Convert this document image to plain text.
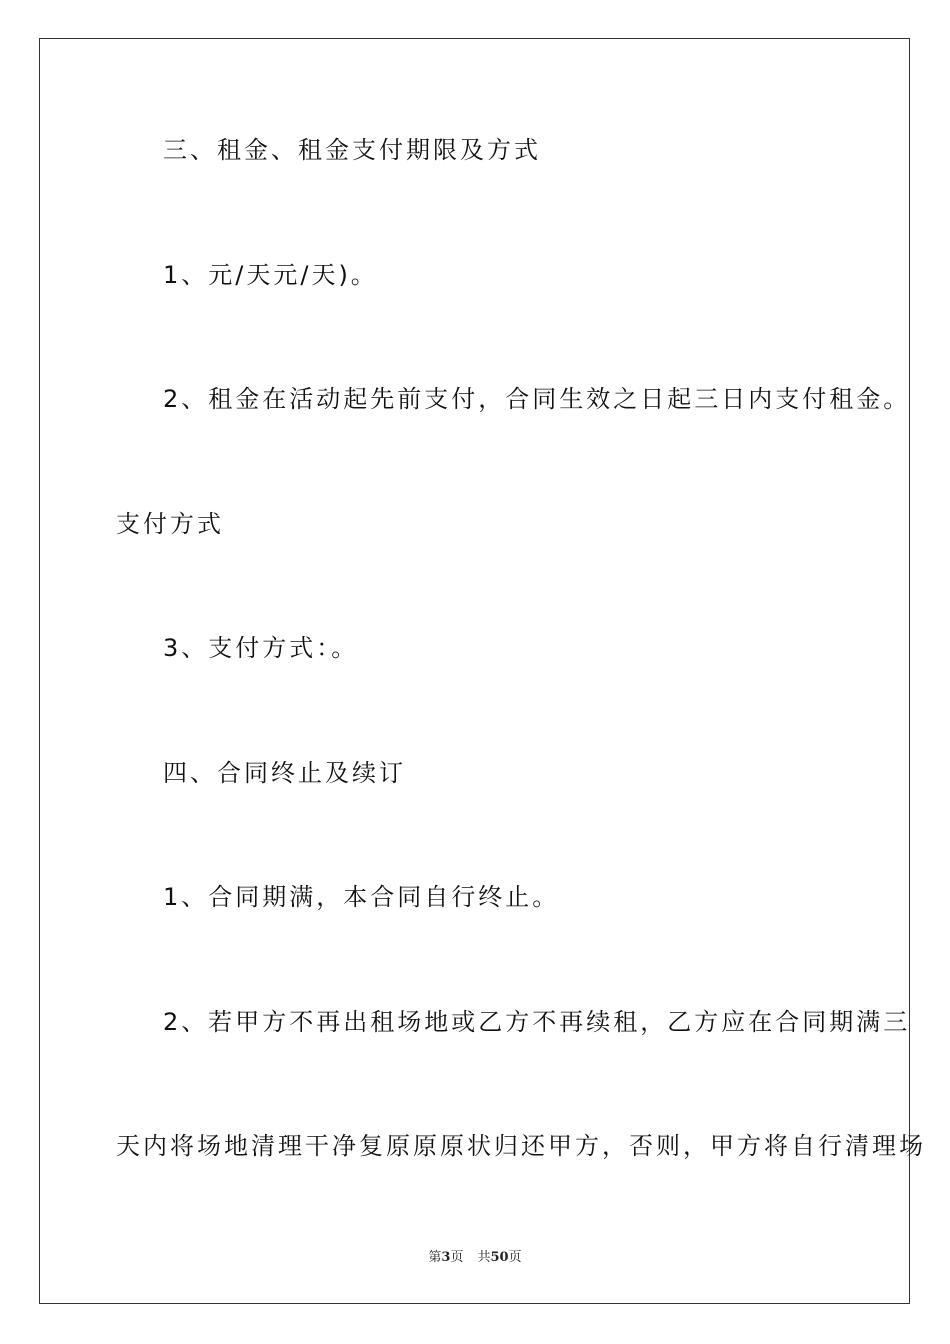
三、租金、租金支付期限及方式
1、元/天元/天)。
2、租金在活动起先前支付，合同生效之日起三日内支付租金。
支付方式
3、支付方式：。
四、合同终止及续订
1、合同期满，本合同自行终止。
2、若甲方不再出租场地或乙方不再续租，乙方应在合同期满三
天内将场地清理干净复原原原状归还甲方，否则，甲方将自行清理场
第3页 共50页
